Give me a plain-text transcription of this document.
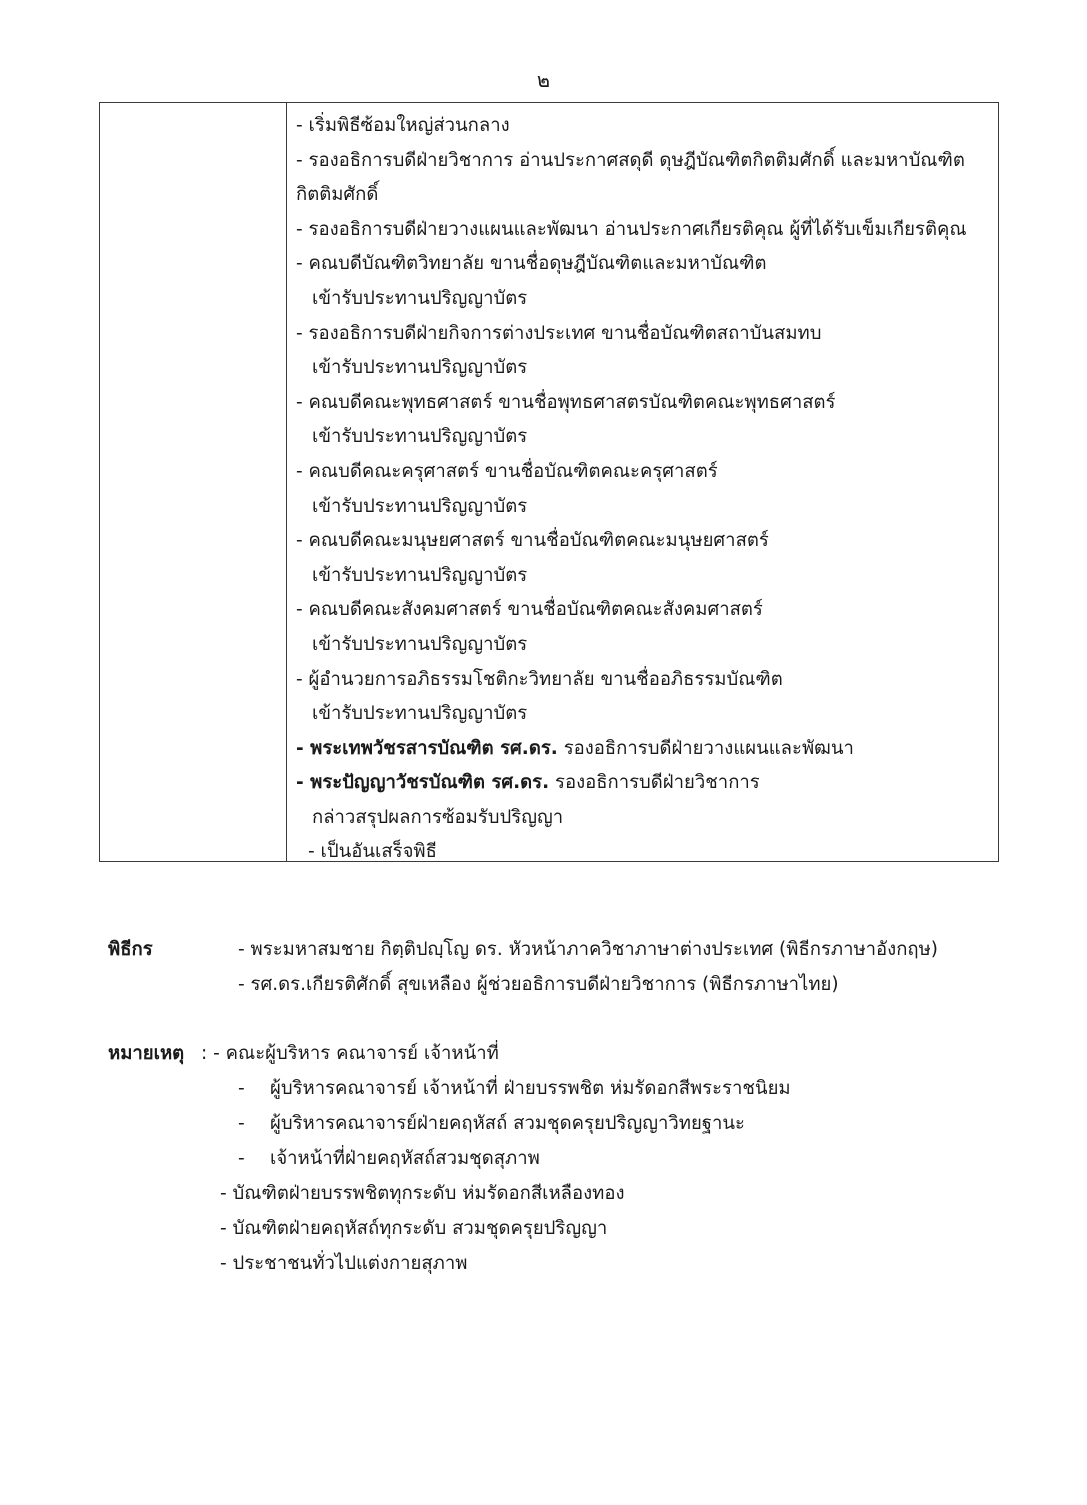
๒
- เริ่มพิธีซ้อมใหญ่ส่วนกลาง
- รองอธิการบดีฝ่ายวิชาการ อ่านประกาศสดุดี ดุษฎีบัณฑิตกิตติมศักดิ์ และมหาบัณฑิต
กิตติมศักดิ์
- รองอธิการบดีฝ่ายวางแผนและพัฒนา อ่านประกาศเกียรติคุณ ผู้ที่ได้รับเข็มเกียรติคุณ
- คณบดีบัณฑิตวิทยาลัย ขานชื่อดุษฎีบัณฑิตและมหาบัณฑิต
เข้ารับประทานปริญญาบัตร
- รองอธิการบดีฝ่ายกิจการต่างประเทศ ขานชื่อบัณฑิตสถาบันสมทบ
เข้ารับประทานปริญญาบัตร
- คณบดีคณะพุทธศาสตร์ ขานชื่อพุทธศาสตรบัณฑิตคณะพุทธศาสตร์
เข้ารับประทานปริญญาบัตร
- คณบดีคณะครุศาสตร์ ขานชื่อบัณฑิตคณะครุศาสตร์
เข้ารับประทานปริญญาบัตร
- คณบดีคณะมนุษยศาสตร์ ขานชื่อบัณฑิตคณะมนุษยศาสตร์
เข้ารับประทานปริญญาบัตร
- คณบดีคณะสังคมศาสตร์ ขานชื่อบัณฑิตคณะสังคมศาสตร์
เข้ารับประทานปริญญาบัตร
- ผู้อำนวยการอภิธรรมโชติกะวิทยาลัย ขานชื่ออภิธรรมบัณฑิต
เข้ารับประทานปริญญาบัตร
- พระเทพวัชรสารบัณฑิต รศ.ดร. รองอธิการบดีฝ่ายวางแผนและพัฒนา
- พระปัญญาวัชรบัณฑิต รศ.ดร. รองอธิการบดีฝ่ายวิชาการ
กล่าวสรุปผลการซ้อมรับปริญญา
- เป็นอันเสร็จพิธี
พิธีกร	- พระมหาสมชาย กิตฺติปญฺโญ ดร. หัวหน้าภาควิชาภาษาต่างประเทศ (พิธีกรภาษาอังกฤษ)
- รศ.ดร.เกียรติศักดิ์ สุขเหลือง ผู้ช่วยอธิการบดีฝ่ายวิชาการ (พิธีกรภาษาไทย)
หมายเหตุ : - คณะผู้บริหาร คณาจารย์ เจ้าหน้าที่
- ผู้บริหารคณาจารย์ เจ้าหน้าที่ ฝ่ายบรรพชิต ห่มรัดอกสีพระราชนิยม
- ผู้บริหารคณาจารย์ฝ่ายคฤหัสถ์ สวมชุดครุยปริญญาวิทยฐานะ
- เจ้าหน้าที่ฝ่ายคฤหัสถ์สวมชุดสุภาพ
- บัณฑิตฝ่ายบรรพชิตทุกระดับ ห่มรัดอกสีเหลืองทอง
- บัณฑิตฝ่ายคฤหัสถ์ทุกระดับ สวมชุดครุยปริญญา
- ประชาชนทั่วไปแต่งกายสุภาพ
